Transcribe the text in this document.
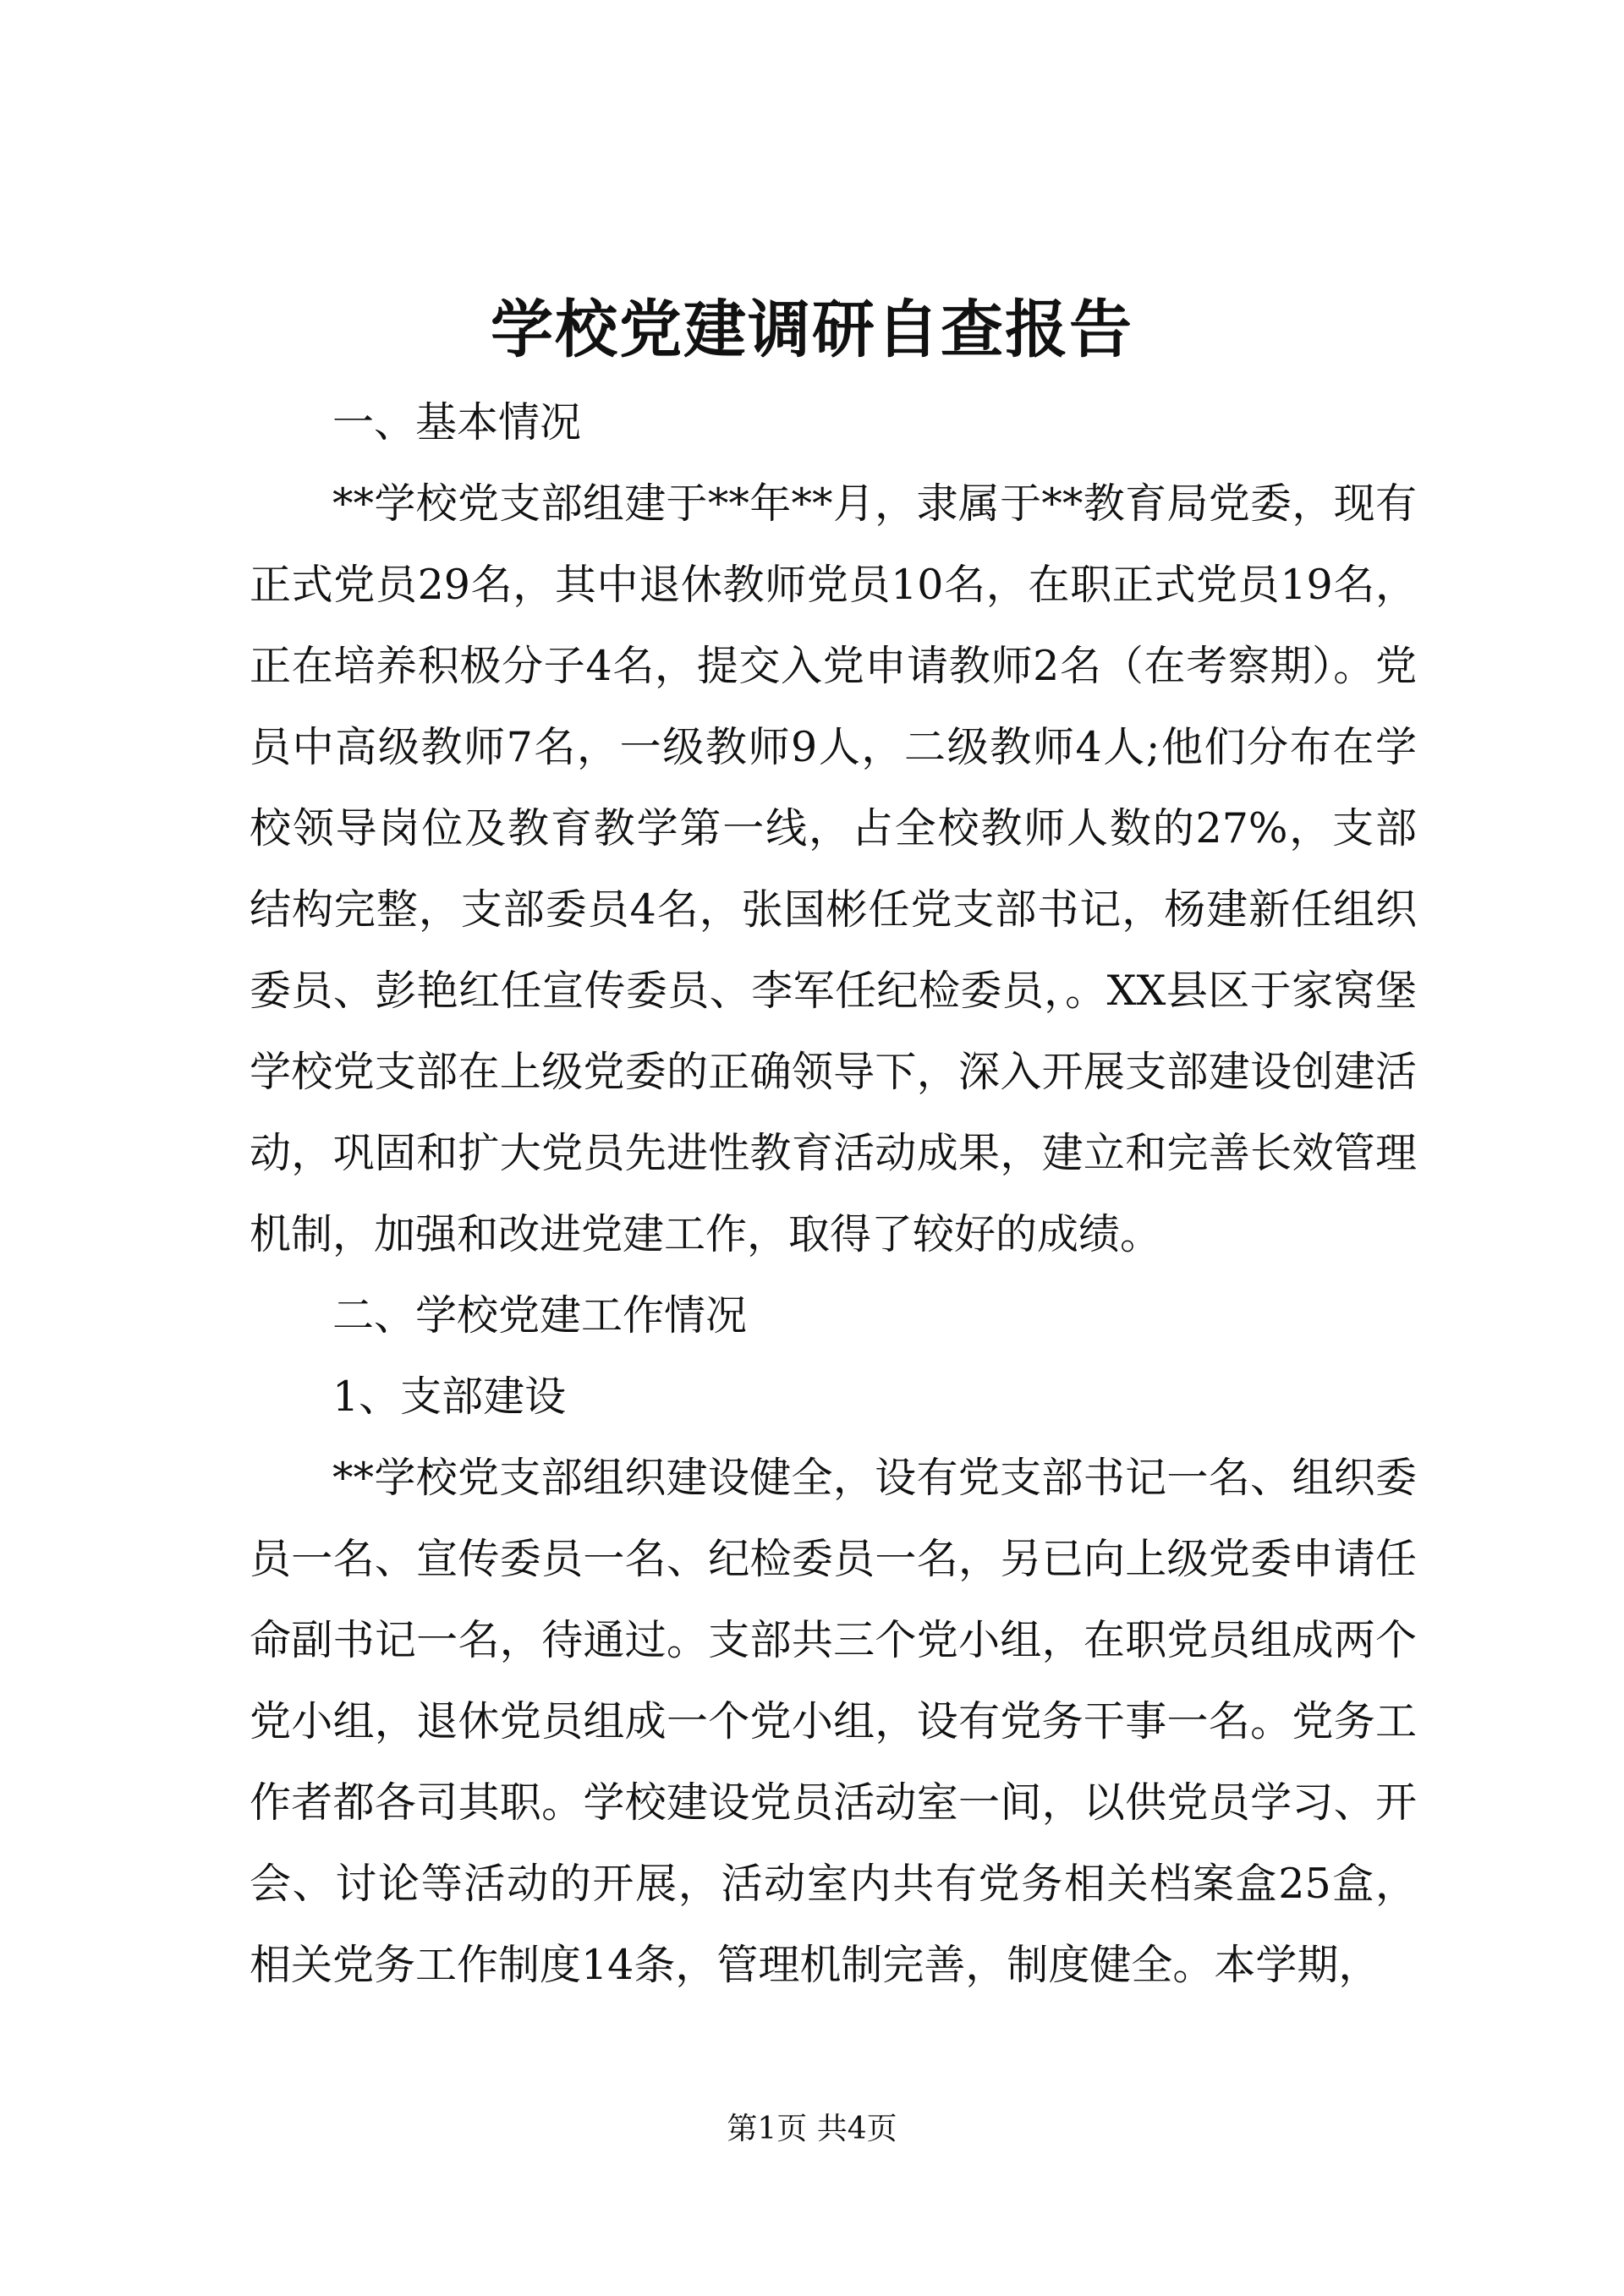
学校党建调研自查报告

一、基本情况

**学校党支部组建于**年**月，隶属于**教育局党委，现有正式党员29名，其中退休教师党员10名，在职正式党员19名，正在培养积极分子4名，提交入党申请教师2名（在考察期）。党员中高级教师7名，一级教师9人，二级教师4人;他们分布在学校领导岗位及教育教学第一线，占全校教师人数的27%，支部结构完整，支部委员4名，张国彬任党支部书记，杨建新任组织委员、彭艳红任宣传委员、李军任纪检委员，。XX县区于家窝堡学校党支部在上级党委的正确领导下，深入开展支部建设创建活动，巩固和扩大党员先进性教育活动成果，建立和完善长效管理机制，加强和改进党建工作，取得了较好的成绩。

二、学校党建工作情况

1、支部建设

**学校党支部组织建设健全，设有党支部书记一名、组织委员一名、宣传委员一名、纪检委员一名，另已向上级党委申请任命副书记一名，待通过。支部共三个党小组，在职党员组成两个党小组，退休党员组成一个党小组，设有党务干事一名。党务工作者都各司其职。学校建设党员活动室一间，以供党员学习、开会、讨论等活动的开展，活动室内共有党务相关档案盒25盒，相关党务工作制度14条，管理机制完善，制度健全。本学期，

第1页 共4页
